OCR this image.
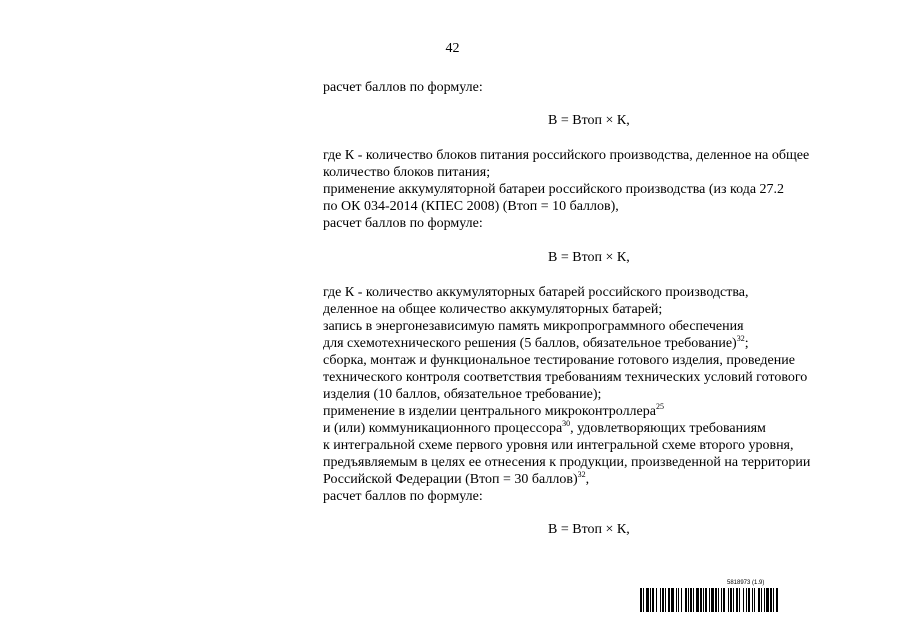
42
расчет баллов по формуле:
B = Втоп × К,
где К - количество блоков питания российского производства, деленное на общее
количество блоков питания;
применение аккумуляторной батареи российского производства (из кода 27.2
по ОК 034-2014 (КПЕС 2008) (Втоп = 10 баллов),
расчет баллов по формуле:
B = Втоп × К,
где К - количество аккумуляторных батарей российского производства,
деленное на общее количество аккумуляторных батарей;
запись в энергонезависимую память микропрограммного обеспечения
для схемотехнического решения (5 баллов, обязательное требование)$^{32}$;
сборка, монтаж и функциональное тестирование готового изделия, проведение
технического контроля соответствия требованиям технических условий готового
изделия (10 баллов, обязательное требование);
применение в изделии центрального микроконтроллера$^{25}$
и (или) коммуникационного процессора$^{30}$, удовлетворяющих требованиям
к интегральной схеме первого уровня или интегральной схеме второго уровня,
предъявляемым в целях ее отнесения к продукции, произведенной на территории
Российской Федерации (Втоп = 30 баллов)$^{32}$,
расчет баллов по формуле:
B = Втоп × К,
5818973 (1.9)
